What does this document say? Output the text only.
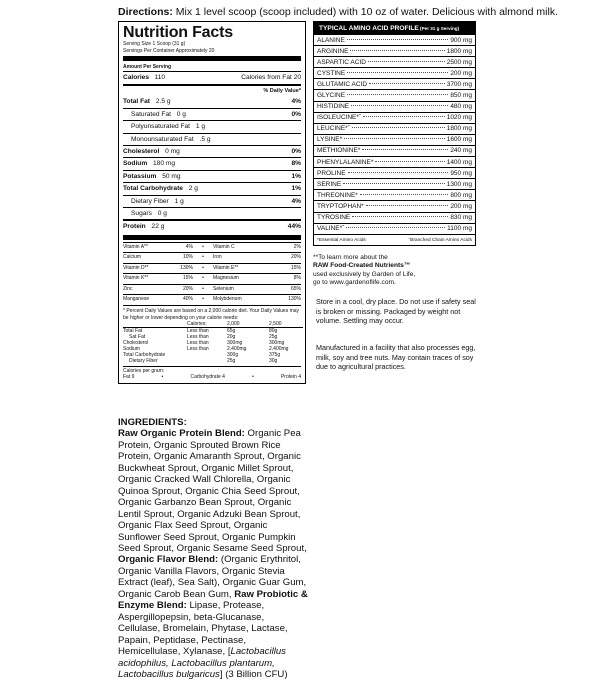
Directions: Mix 1 level scoop (scoop included) with 10 oz of water. Delicious with almond milk.
Nutrition Facts
Serving Size 1 Scoop (31 g)
Servings Per Container Approximately 20
Amount Per Serving
Calories 110	Calories from Fat 20
% Daily Value*
Total Fat 2.5 g	4%
Saturated Fat 0 g	0%
Polyunsaturated Fat 1 g
Monounsaturated Fat .5 g
Cholesterol 0 mg	0%
Sodium 180 mg	8%
Potassium 50 mg	1%
Total Carbohydrate 2 g	1%
Dietary Fiber 1 g	4%
Sugars 0 g
Protein 22 g	44%
Vitamin A**	4%	•	Vitamin C	2%
Calcium	10%	•	Iron	20%
Vitamin D**	130%	•	Vitamin E**	15%
Vitamin K**	15%	•	Magnesium	8%
Zinc	20%	•	Selenium	65%
Manganese	40%	•	Molybdenum	130%
* Percent Daily Values are based on a 2,000 calorie diet. Your Daily Values may be higher or lower depending on your calorie needs:
Calories:	2,000	2,500
Total Fat	Less than	65g	80g
Sat Fat	Less than	20g	25g
Cholesterol	Less than	300mg	300mg
Sodium	Less than	2,400mg	2,400mg
Total Carbohydrate	300g	375g
Dietary Fiber	25g	30g
Calories per gram:
Fat 9	•	Carbohydrate 4	•	Protein 4
INGREDIENTS:
Raw Organic Protein Blend: Organic Pea Protein, Organic Sprouted Brown Rice Protein, Organic Amaranth Sprout, Organic Buckwheat Sprout, Organic Millet Sprout, Organic Cracked Wall Chlorella, Organic Quinoa Sprout, Organic Chia Seed Sprout, Organic Garbanzo Bean Sprout, Organic Lentil Sprout, Organic Adzuki Bean Sprout, Organic Flax Seed Sprout, Organic Sunflower Seed Sprout, Organic Pumpkin Seed Sprout, Organic Sesame Seed Sprout, Organic Flavor Blend: (Organic Erythritol, Organic Vanilla Flavors, Organic Stevia Extract (leaf), Sea Salt), Organic Guar Gum, Organic Carob Bean Gum, Raw Probiotic & Enzyme Blend: Lipase, Protease, Aspergillopepsin, beta-Glucanase, Cellulase, Bromelain, Phytase, Lactase, Papain, Peptidase, Pectinase, Hemicellulase, Xylanase, [Lactobacillus acidophilus, Lactobacillus plantarum, Lactobacillus bulgaricus] (3 Billion CFU)
TYPICAL AMINO ACID PROFILE (Per 31 g Serving)
ALANINE	900 mg
ARGININE	1800 mg
ASPARTIC ACID	2500 mg
CYSTINE	200 mg
GLUTAMIC ACID	3700 mg
GLYCINE	850 mg
HISTIDINE	480 mg
ISOLEUCINE*ˆ	1020 mg
LEUCINE*ˆ	1800 mg
LYSINE*	1600 mg
METHIONINE*	240 mg
PHENYLALANINE*	1400 mg
PROLINE	950 mg
SERINE	1300 mg
THREONINE*	800 mg
TRYPTOPHAN*	200 mg
TYROSINE	830 mg
VALINE*ˆ	1100 mg
*Essential Amino Acids	ˆBranched Chain Amino Acids
**To learn more about the
RAW Food-Created Nutrients™
used exclusively by Garden of Life,
go to www.gardenoflife.com.
Store in a cool, dry place. Do not use if safety seal is broken or missing. Packaged by weight not volume. Settling may occur.
Manufactured in a facility that also processes egg, milk, soy and tree nuts. May contain traces of soy due to agricultural practices.
